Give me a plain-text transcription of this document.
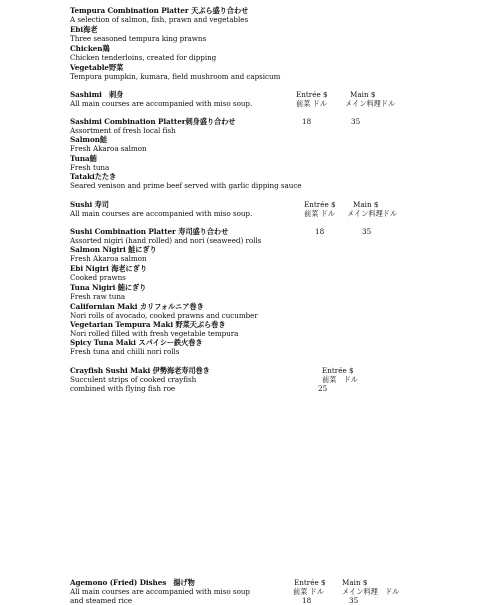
Tempura Combination Platter 天ぷら盛り合わせ
A selection of salmon, fish, prawn and vegetables
Ebi海老
Three seasoned tempura king prawns
Chicken鶏
Chicken tenderloins, created for dipping
Vegetable野菜
Tempura pumpkin, kumara, field mushroom and capsicum
Sashimi　刺身	Entrée $	Main $
All main courses are accompanied with miso soup.	前菜 ドル メイン料理ドル
Sashimi Combination Platter刺身盛り合わせ	18	35
Assortment of fresh local fish
Salmon鮭
Fresh Akaroa salmon
Tuna鮪
Fresh tuna
Tatakiたたき
Seared venison and prime beef served with garlic dipping sauce
Sushi 寿司	Entrée $ Main $
All main courses are accompanied with miso soup.	前菜 ドル メイン料理ドル
Sushi Combination Platter 寿司盛り合わせ	18	35
Assorted nigiri (hand rolled) and nori (seaweed) rolls
Salmon Nigiri 鮭にぎり
Fresh Akaroa salmon
Ebi Nigiri 海老にぎり
Cooked prawns
Tuna Nigiri 鮪にぎり
Fresh raw tuna
Californian Maki カリフォルニア巻き
Nori rolls of avocado, cooked prawns and cucumber
Vegetarian Tempura Maki 野菜天ぷら巻き
Nori rolled filled with fresh vegetable tempura
Spicy Tuna Maki スパイシー鉄火巻き
Fresh tuna and chilli nori rolls
Crayfish Sushi Maki 伊勢海老寿司巻き	Entrée $
Succulent strips of cooked crayfish	前菜　ドル
combined with flying fish roe	25
Agemono (Fried) Dishes　揚げ物	Entrée $ Main $
All main courses are accompanied with miso soup	前菜 ドル メイン料理　ドル
and steamed rice	18	35
